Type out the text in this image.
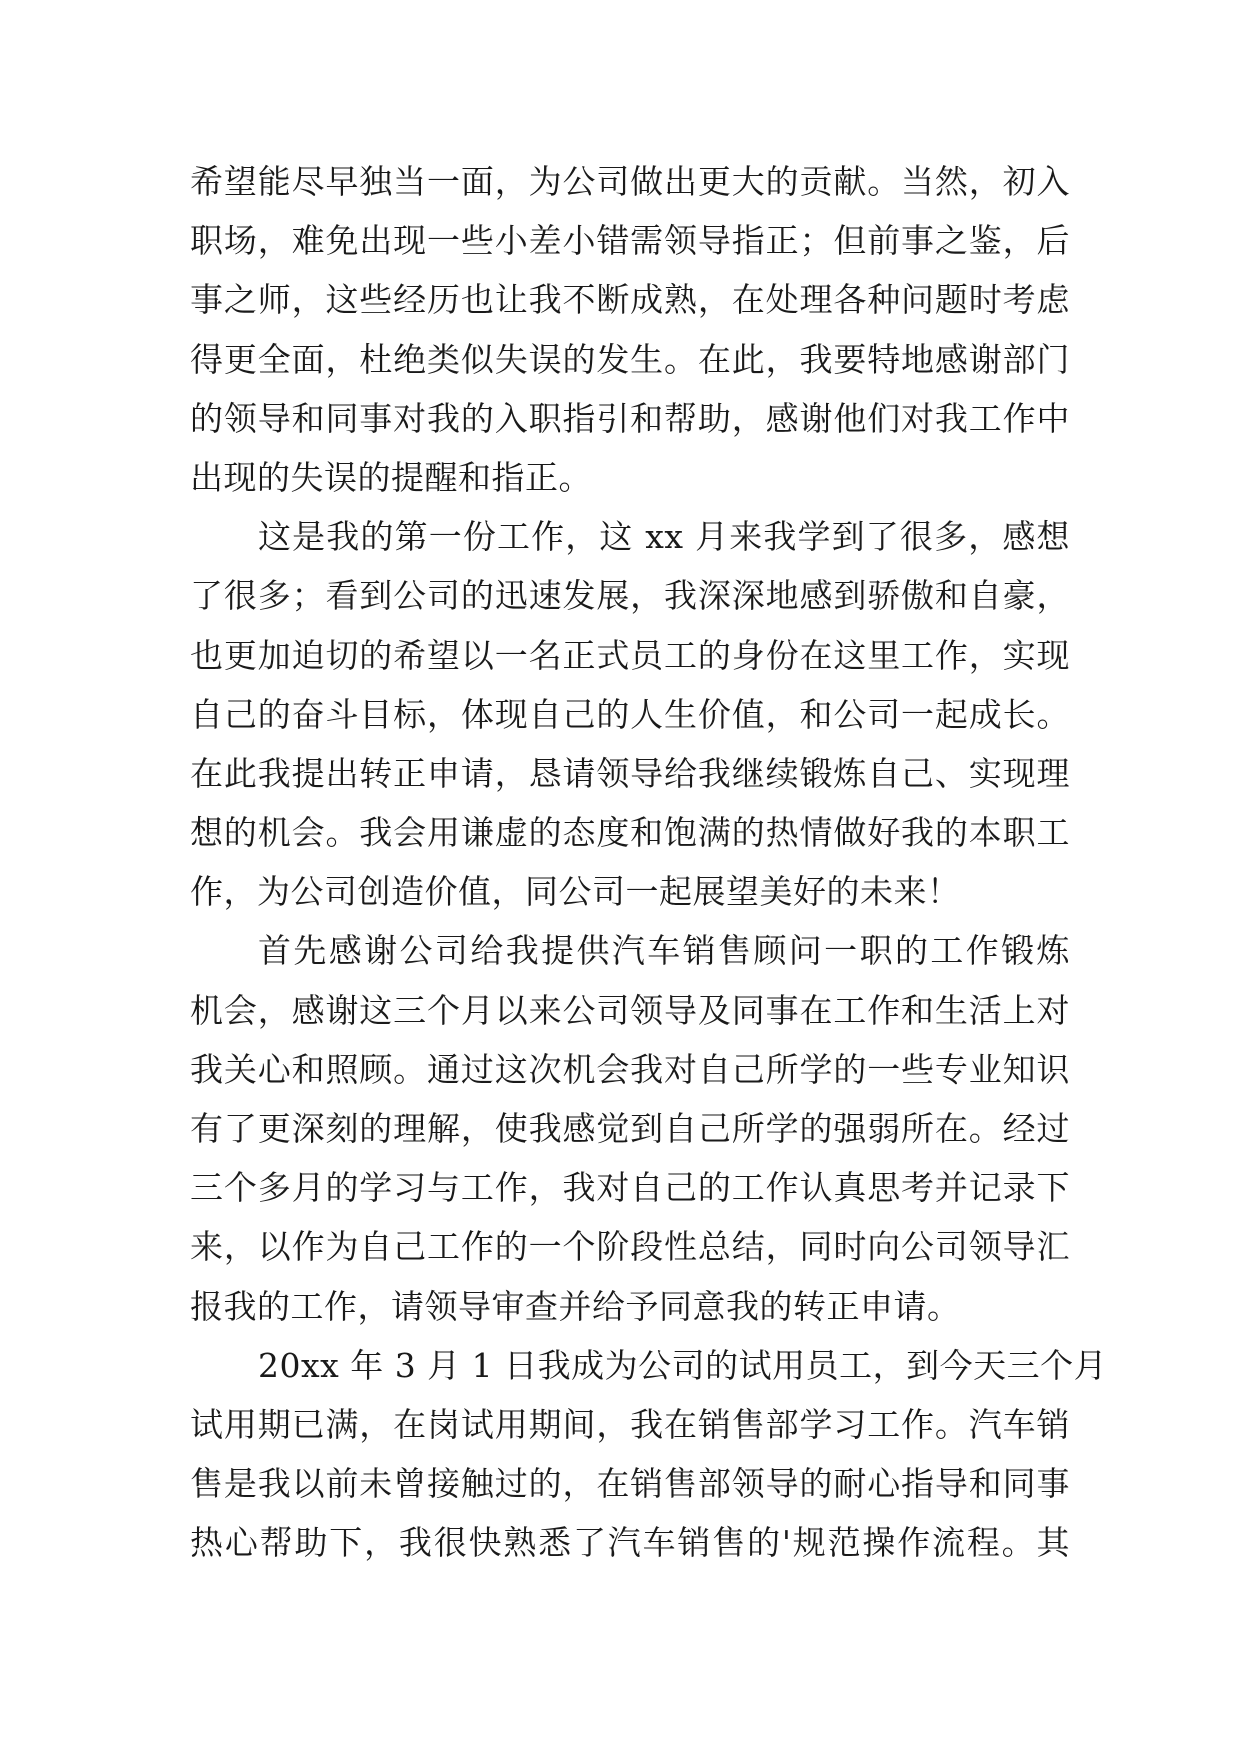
希望能尽早独当一面，为公司做出更大的贡献。当然，初入
职场，难免出现一些小差小错需领导指正；但前事之鉴，后
事之师，这些经历也让我不断成熟，在处理各种问题时考虑
得更全面，杜绝类似失误的发生。在此，我要特地感谢部门
的领导和同事对我的入职指引和帮助，感谢他们对我工作中
出现的失误的提醒和指正。
这是我的第一份工作，这 xx 月来我学到了很多，感想
了很多；看到公司的迅速发展，我深深地感到骄傲和自豪，
也更加迫切的希望以一名正式员工的身份在这里工作，实现
自己的奋斗目标，体现自己的人生价值，和公司一起成长。
在此我提出转正申请，恳请领导给我继续锻炼自己、实现理
想的机会。我会用谦虚的态度和饱满的热情做好我的本职工
作，为公司创造价值，同公司一起展望美好的未来！
首先感谢公司给我提供汽车销售顾问一职的工作锻炼
机会，感谢这三个月以来公司领导及同事在工作和生活上对
我关心和照顾。通过这次机会我对自己所学的一些专业知识
有了更深刻的理解，使我感觉到自己所学的强弱所在。经过
三个多月的学习与工作，我对自己的工作认真思考并记录下
来，以作为自己工作的一个阶段性总结，同时向公司领导汇
报我的工作，请领导审查并给予同意我的转正申请。
20xx 年 3 月 1 日我成为公司的试用员工，到今天三个月
试用期已满，在岗试用期间，我在销售部学习工作。汽车销
售是我以前未曾接触过的，在销售部领导的耐心指导和同事
热心帮助下，我很快熟悉了汽车销售的'规范操作流程。其
